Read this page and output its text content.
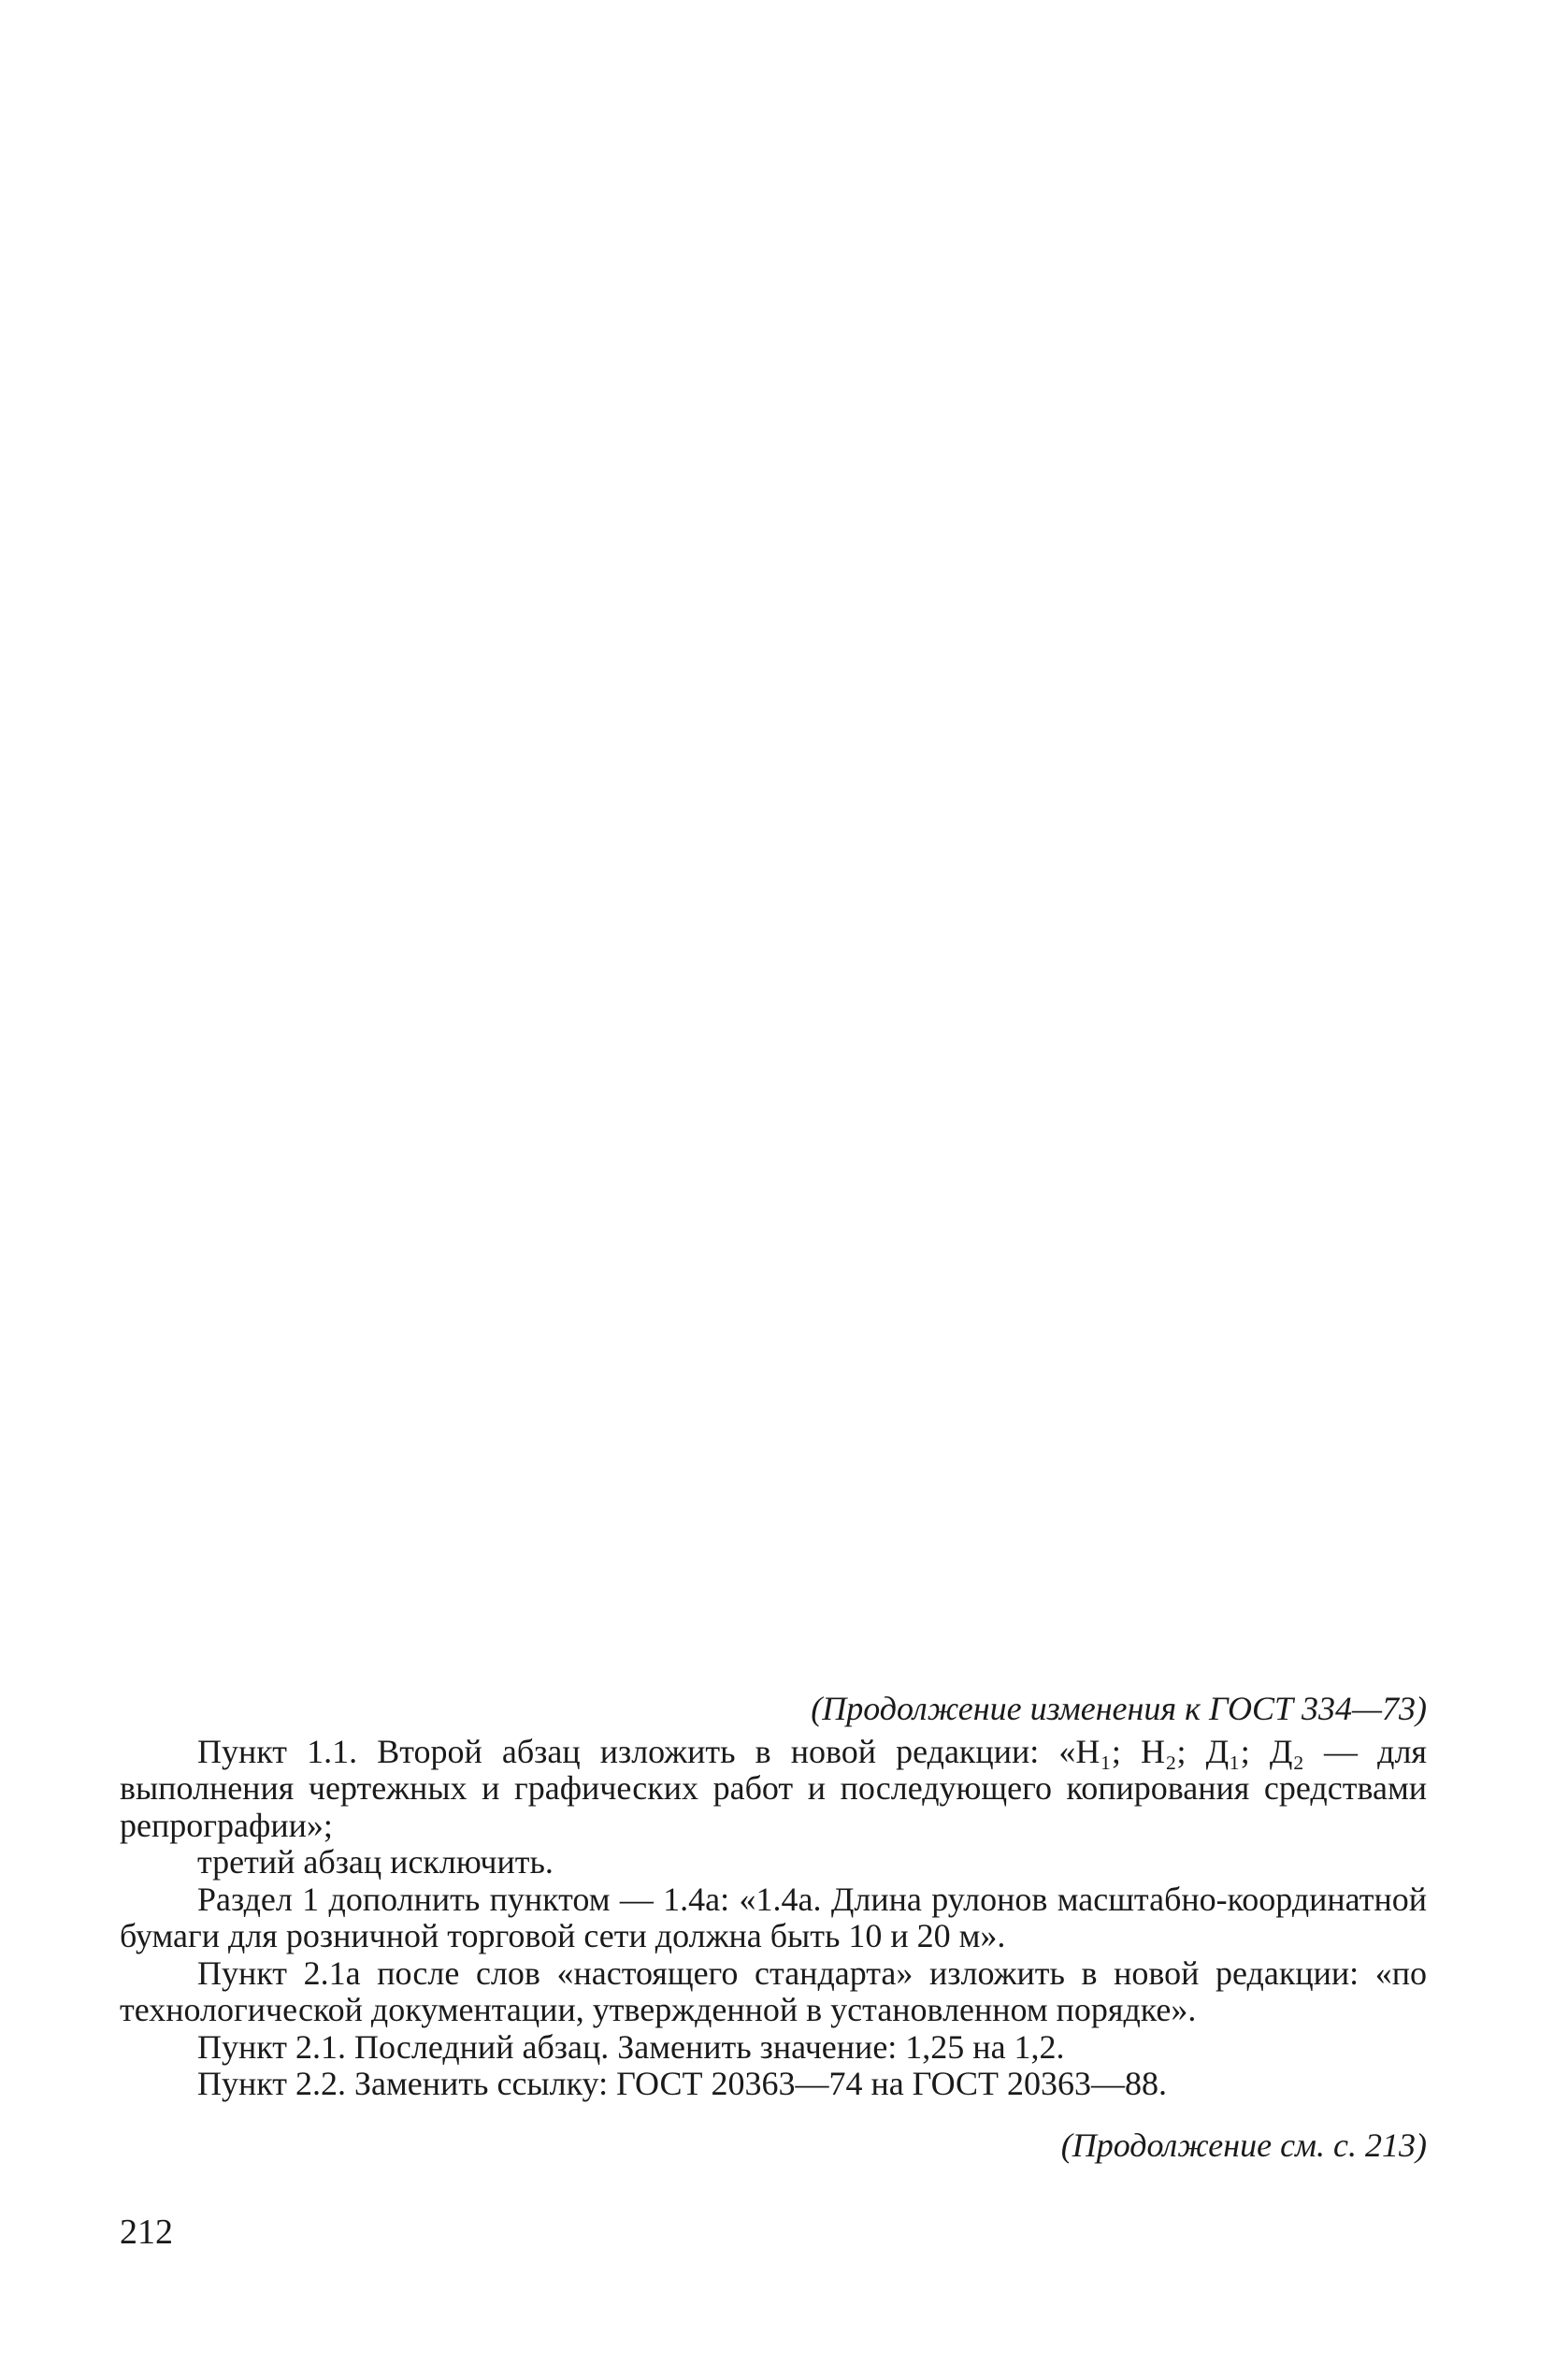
(Продолжение изменения к ГОСТ 334—73)

Пункт 1.1. Второй абзац изложить в новой редакции: «Н₁; Н₂; Д₁; Д₂ — для выполнения чертежных и графических работ и последующего копирования средствами репрографии»;

третий абзац исключить.

Раздел 1 дополнить пунктом — 1.4а: «1.4а. Длина рулонов масштабно-координатной бумаги для розничной торговой сети должна быть 10 и 20 м».

Пункт 2.1а после слов «настоящего стандарта» изложить в новой редакции: «по технологической документации, утвержденной в установленном порядке».

Пункт 2.1. Последний абзац. Заменить значение: 1,25 на 1,2.

Пункт 2.2. Заменить ссылку: ГОСТ 20363—74 на ГОСТ 20363—88.

(Продолжение см. с. 213)
212
